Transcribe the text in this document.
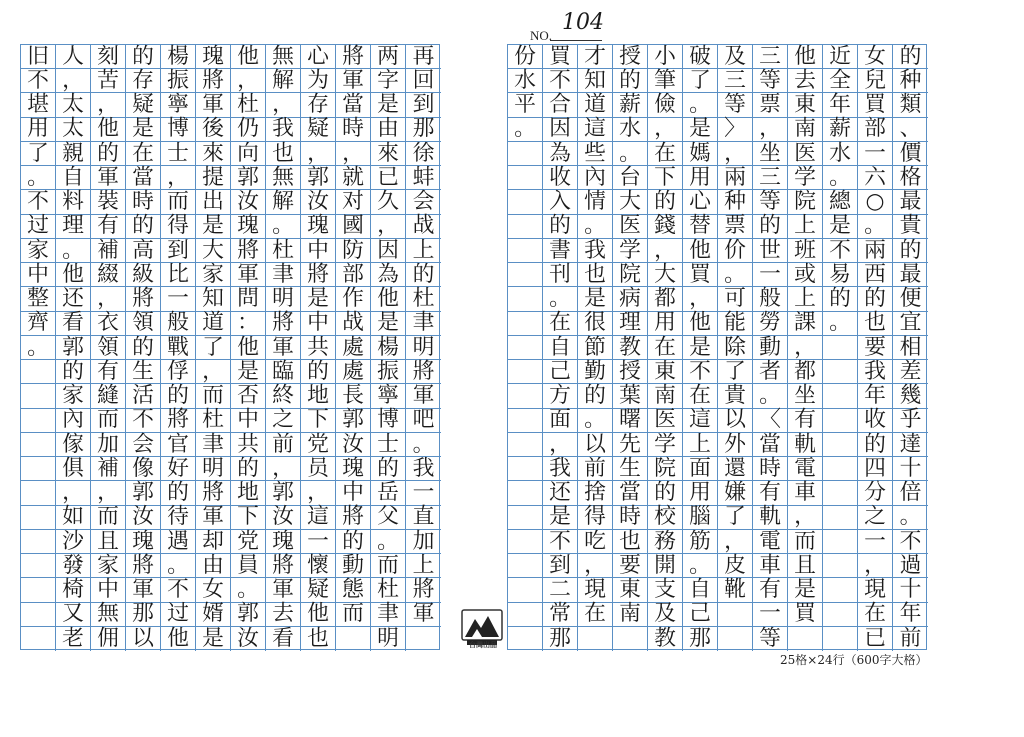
再
回
到
那
徐
蚌
会
战
上
的
杜
聿
明
將
軍
吧
。
我
一
直
加
上
將
軍
两
字
是
由
來
已
久
，
因
為
他
是
楊
振
寧
博
士
的
岳
父
。
而
杜
聿
明
將
軍
當
時
，
就
对
國
防
部
作
战
處
處
長
郭
汝
瑰
中
將
的
動
態
而
心
为
存
疑
，
郭
汝
瑰
中
將
是
中
共
的
地
下
党
员
，
這
一
懷
疑
他
也
無
解
，
我
也
無
解
。
杜
聿
明
將
軍
臨
終
之
前
，
郭
汝
瑰
將
軍
去
看
他
，
杜
仍
向
郭
汝
瑰
將
軍
問
：
他
是
否
中
共
的
地
下
党
員
。
郭
汝
瑰
將
軍
後
來
提
出
是
大
家
知
道
了
，
而
杜
聿
明
將
軍
却
由
女
婿
是
楊
振
寧
博
士
，
而
得
到
比
一
般
戰
俘
的
將
官
好
的
待
遇
。
不
过
他
的
存
疑
是
在
當
時
的
高
級
將
領
的
生
活
不
会
像
郭
汝
瑰
將
軍
那
以
刻
苦
，
他
的
軍
裝
有
補
綴
，
衣
領
有
縫
而
加
補
，
而
且
家
中
無
佣
人
，
太
太
親
自
料
理
。
他
还
看
郭
的
家
內
傢
俱
，
如
沙
發
椅
又
老
旧
不
堪
用
了
。
不
过
家
中
整
齊
。
的
种
類
、
價
格
最
貴
的
最
便
宜
相
差
幾
乎
達
十
倍
。
不
過
十
年
前
女
兒
買
部
一
六
○
。
兩
西
的
也
要
我
年
收
的
四
分
之
一
，
現
在
已
近
全
年
薪
水
。
總
是
不
易
的
。
他
去
東
南
医
学
院
上
班
或
上
課
，
都
坐
有
軌
電
車
，
而
且
是
買
三
等
票
，
坐
三
等
的
世
一
般
勞
動
者
。
〈
當
時
有
軌
電
車
有
一
等
及
三
等
〉
，
兩
种
票
价
。
可
能
除
了
貴
以
外
還
嫌
了
，
皮
靴
破
了
。
是
媽
用
心
替
他
買
，
他
是
不
在
這
上
面
用
腦
筋
。
自
己
那
小
筆
儉
，
在
下
的
錢
，
大
都
用
在
東
南
医
学
院
的
校
務
開
支
及
教
授
的
薪
水
。
台
大
医
学
院
病
理
教
授
葉
曙
先
生
當
時
也
要
東
南
才
知
道
這
些
內
情
。
我
也
是
很
節
勤
的
。
以
前
捨
得
吃
，
現
在
買
不
合
因
為
收
入
的
書
刊
。
在
自
己
方
面
，
我
还
是
不
到
二
常
那
份
水
平
。
NO.
104
台灣出品
25格×24行（600字大格）
